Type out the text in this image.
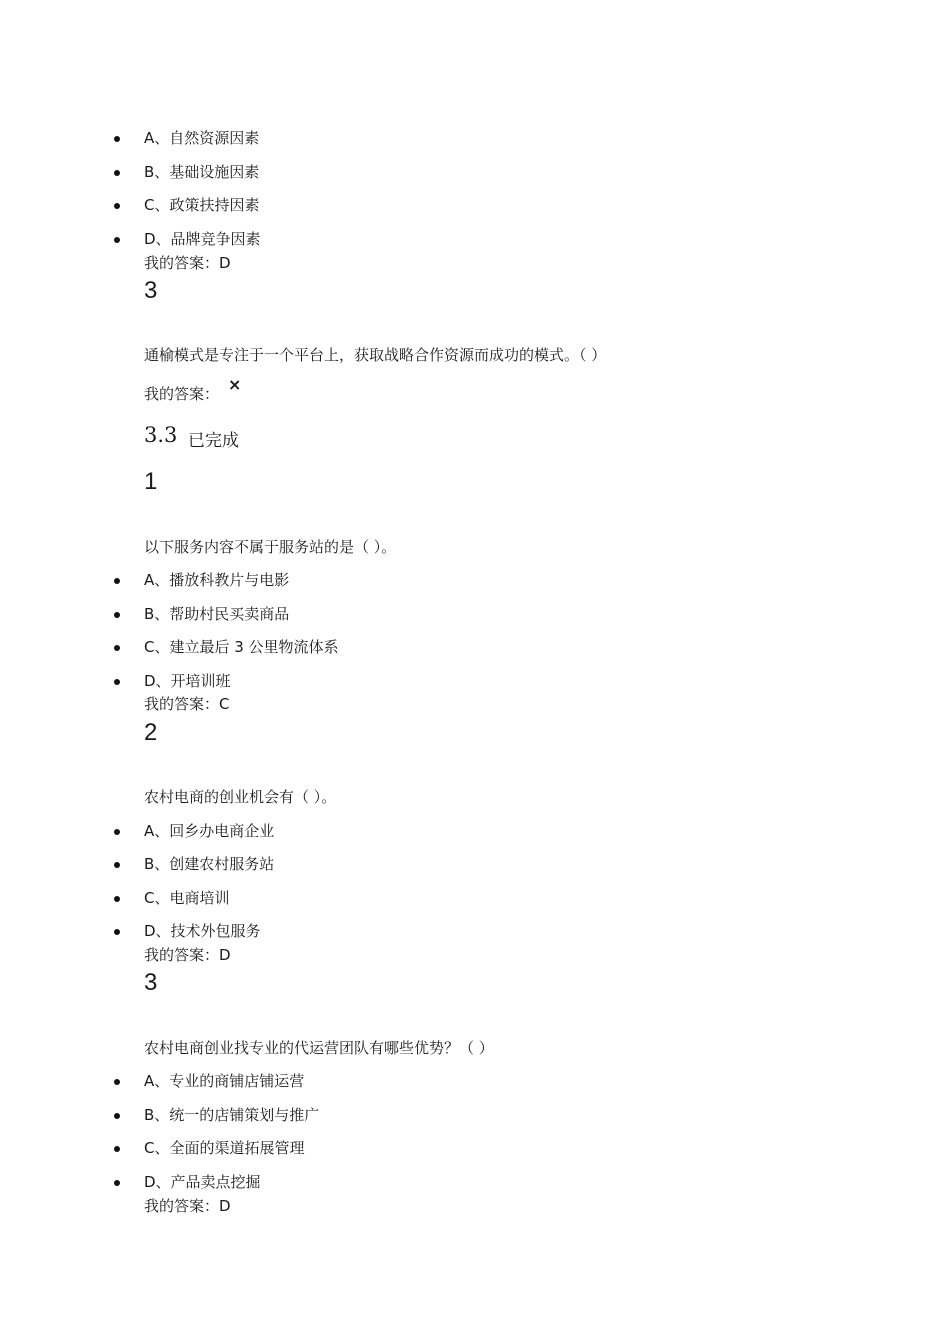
A、自然资源因素
B、基础设施因素
C、政策扶持因素
D、品牌竞争因素
我的答案：D
3
通榆模式是专注于一个平台上，获取战略合作资源而成功的模式。（ ）
我的答案： ×
3.3 已完成
1
以下服务内容不属于服务站的是（ ）。
A、播放科教片与电影
B、帮助村民买卖商品
C、建立最后 3 公里物流体系
D、开培训班
我的答案：C
2
农村电商的创业机会有（ ）。
A、回乡办电商企业
B、创建农村服务站
C、电商培训
D、技术外包服务
我的答案：D
3
农村电商创业找专业的代运营团队有哪些优势？（ ）
A、专业的商铺店铺运营
B、统一的店铺策划与推广
C、全面的渠道拓展管理
D、产品卖点挖掘
我的答案：D
